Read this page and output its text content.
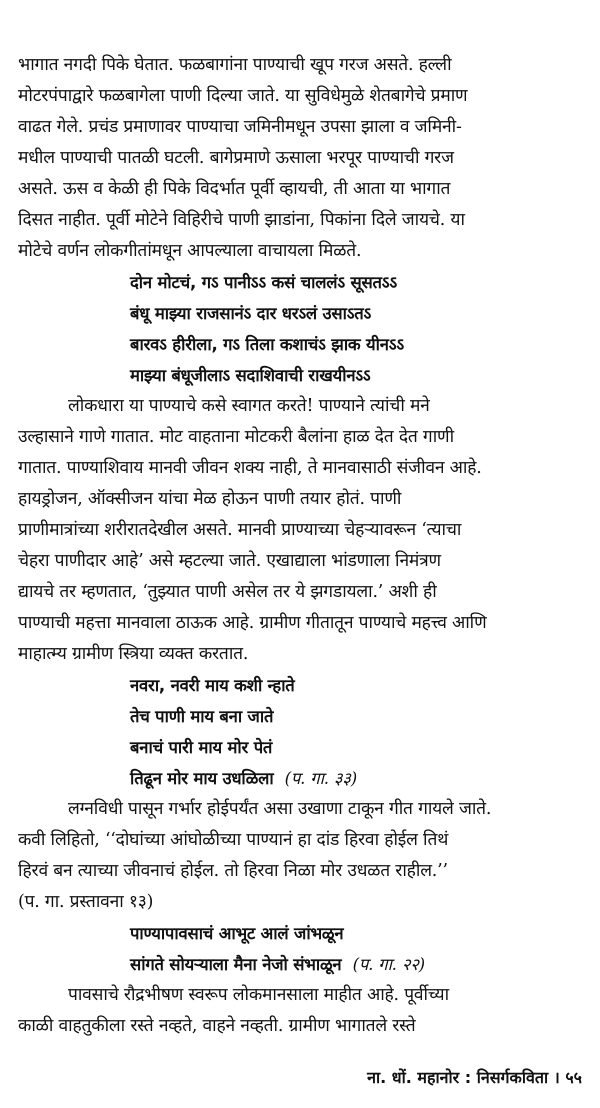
भागात नगदी पिके घेतात. फळबागांना पाण्याची खूप गरज असते. हल्ली
मोटरपंपाद्वारे फळबागेला पाणी दिल्या जाते. या सुविधेमुळे शेतबागेचे प्रमाण
वाढत गेले. प्रचंड प्रमाणावर पाण्याचा जमिनीमधून उपसा झाला व जमिनी-
मधील पाण्याची पातळी घटली. बागेप्रमाणे ऊसाला भरपूर पाण्याची गरज
असते. ऊस व केळी ही पिके विदर्भात पूर्वी व्हायची, ती आता या भागात
दिसत नाहीत. पूर्वी मोटेने विहिरीचे पाणी झाडांना, पिकांना दिले जायचे. या
मोटेचे वर्णन लोकगीतांमधून आपल्याला वाचायला मिळते.
दोन मोटचं, गऽ पानीऽऽ कसं चाललंऽ सूसतऽऽ
बंधू माझ्या राजसानंऽ दार धरऽलं उसाऽतऽ
बारवऽ हीरीला, गऽ तिला कशाचंऽ झाक यीनऽऽ
माझ्या बंधूजीलाऽ सदाशिवाची राखयीनऽऽ
लोकधारा या पाण्याचे कसे स्वागत करते! पाण्याने त्यांची मने
उल्हासाने गाणे गातात. मोट वाहताना मोटकरी बैलांना हाळ देत देत गाणी
गातात. पाण्याशिवाय मानवी जीवन शक्य नाही, ते मानवासाठी संजीवन आहे.
हायड्रोजन, ऑक्सीजन यांचा मेळ होऊन पाणी तयार होतं. पाणी
प्राणीमात्रांच्या शरीरातदेखील असते. मानवी प्राण्याच्या चेहऱ्यावरून ‘त्याचा
चेहरा पाणीदार आहे’ असे म्हटल्या जाते. एखाद्याला भांडणाला निमंत्रण
द्यायचे तर म्हणतात, ‘तुझ्यात पाणी असेल तर ये झगडायला.’ अशी ही
पाण्याची महत्ता मानवाला ठाऊक आहे. ग्रामीण गीतातून पाण्याचे महत्त्व आणि
माहात्म्य ग्रामीण स्त्रिया व्यक्त करतात.
नवरा, नवरी माय कशी न्हाते
तेच पाणी माय बना जाते
बनाचं पारी माय मोर पेतं
तिढून मोर माय उधळिला (प. गा. ३३)
लग्नविधी पासून गर्भार होईपर्यंत असा उखाणा टाकून गीत गायले जाते.
कवी लिहितो, ‘‘दोघांच्या आंघोळीच्या पाण्यानं हा दांड हिरवा होईल तिथं
हिरवं बन त्याच्या जीवनाचं होईल. तो हिरवा निळा मोर उधळत राहील.’’
(प. गा. प्रस्तावना १३)
पाण्यापावसाचं आभूट आलं जांभळून
सांगते सोयऱ्याला मैना नेजो संभाळून (प. गा. २२)
पावसाचे रौद्रभीषण स्वरूप लोकमानसाला माहीत आहे. पूर्वीच्या
काळी वाहतुकीला रस्ते नव्हते, वाहने नव्हती. ग्रामीण भागातले रस्ते
ना. धों. महानोर : निसर्गकविता । ५५
